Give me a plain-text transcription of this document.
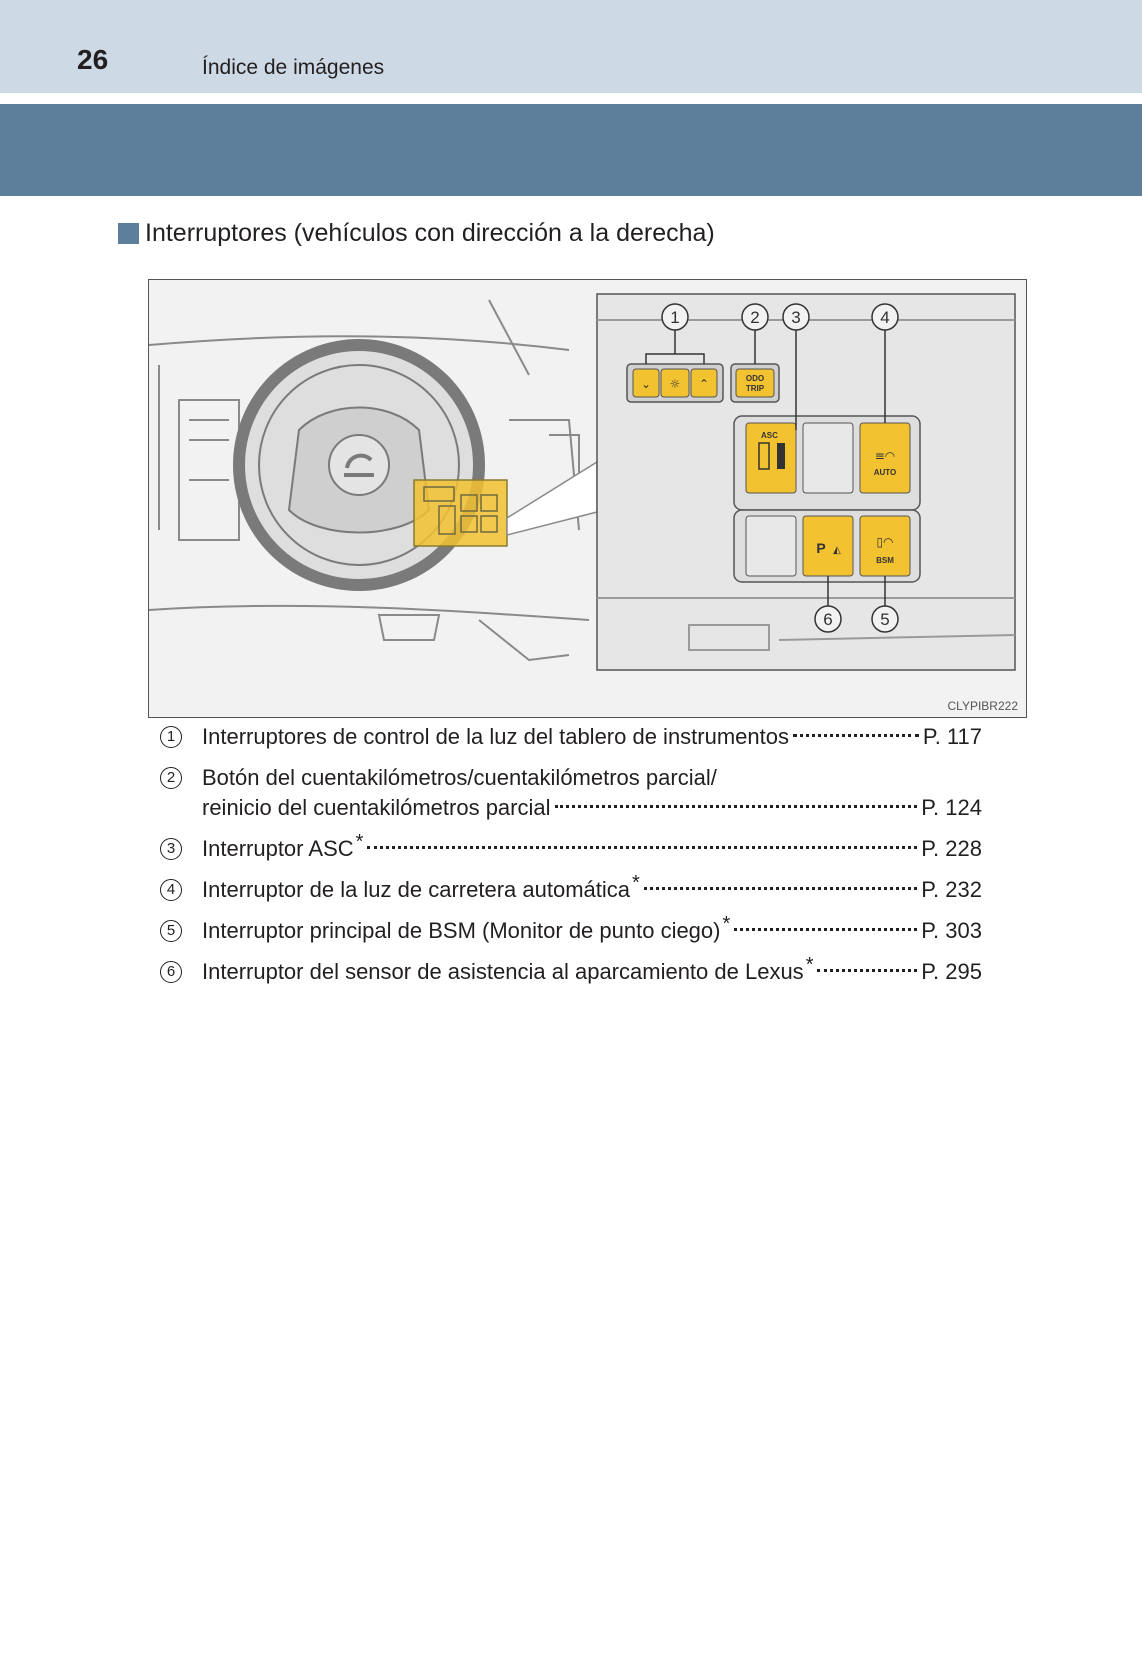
26	Índice de imágenes
Interruptores (vehículos con dirección a la derecha)
⌄ ☼ ⌃	ODO
TRIP
ASC
≡◠
AUTO
P ◭
▯◠
BSM
1	2 3	4
5
6
CLYPIBR222
1	Interruptores de control de la luz del tablero de instrumentos	P. 117
2	Botón del cuentakilómetros/cuentakilómetros parcial/
reinicio del cuentakilómetros parcial	P. 124
3	Interruptor ASC *	P. 228
4	Interruptor de la luz de carretera automática *	P. 232
5	Interruptor principal de BSM (Monitor de punto ciego) *	P. 303
6	Interruptor del sensor de asistencia al aparcamiento de Lexus *	P. 295
